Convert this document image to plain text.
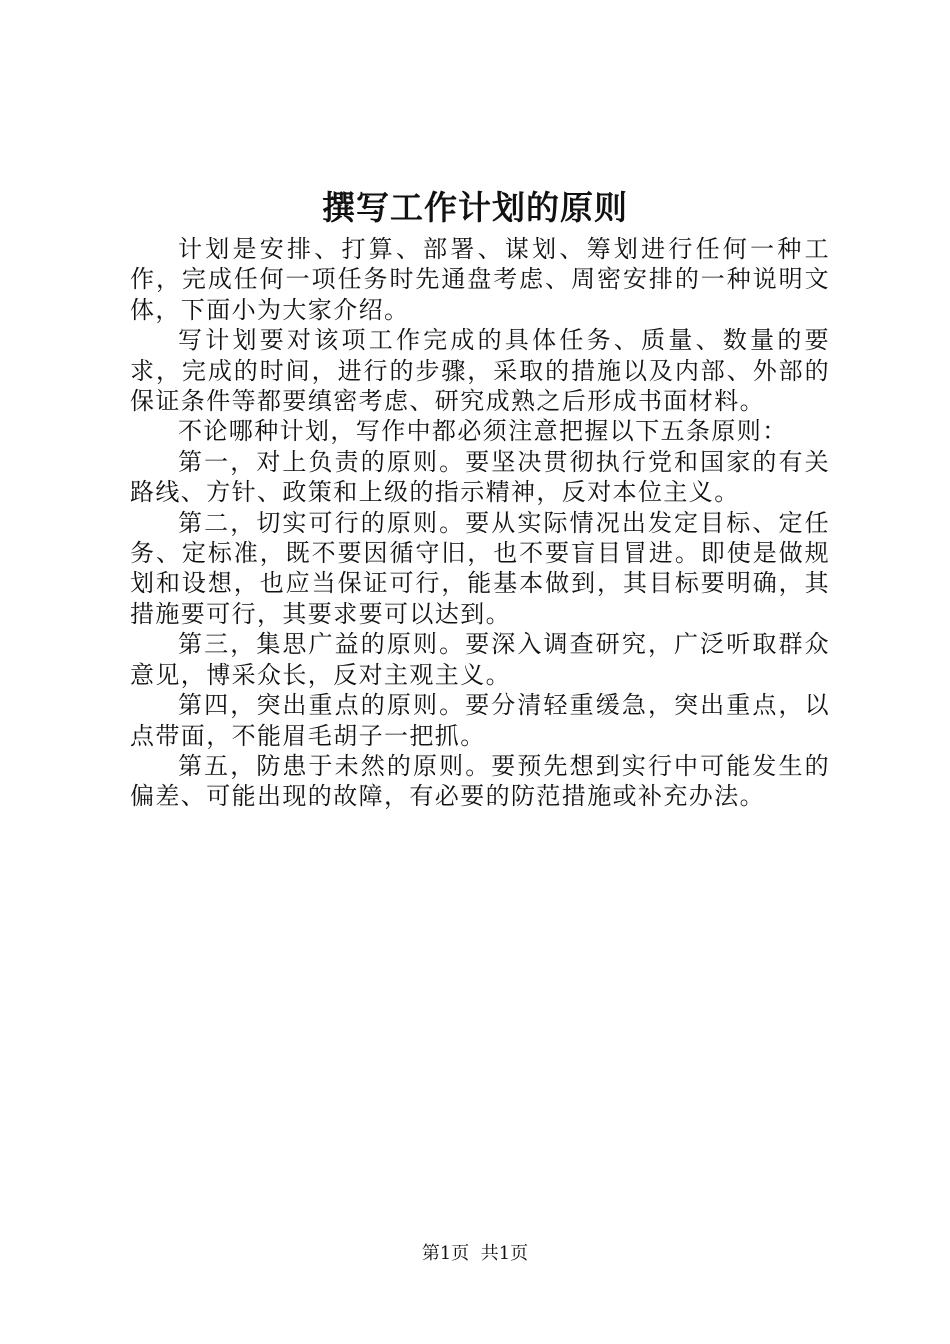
撰写工作计划的原则

计划是安排、打算、部署、谋划、筹划进行任何一种工作，完成任何一项任务时先通盘考虑、周密安排的一种说明文体，下面小为大家介绍。

写计划要对该项工作完成的具体任务、质量、数量的要求，完成的时间，进行的步骤，采取的措施以及内部、外部的保证条件等都要缜密考虑、研究成熟之后形成书面材料。

不论哪种计划，写作中都必须注意把握以下五条原则：

第一，对上负责的原则。要坚决贯彻执行党和国家的有关路线、方针、政策和上级的指示精神，反对本位主义。

第二，切实可行的原则。要从实际情况出发定目标、定任务、定标准，既不要因循守旧，也不要盲目冒进。即使是做规划和设想，也应当保证可行，能基本做到，其目标要明确，其措施要可行，其要求要可以达到。

第三，集思广益的原则。要深入调查研究，广泛听取群众意见，博采众长，反对主观主义。

第四，突出重点的原则。要分清轻重缓急，突出重点，以点带面，不能眉毛胡子一把抓。

第五，防患于未然的原则。要预先想到实行中可能发生的偏差、可能出现的故障，有必要的防范措施或补充办法。

第1页 共1页
